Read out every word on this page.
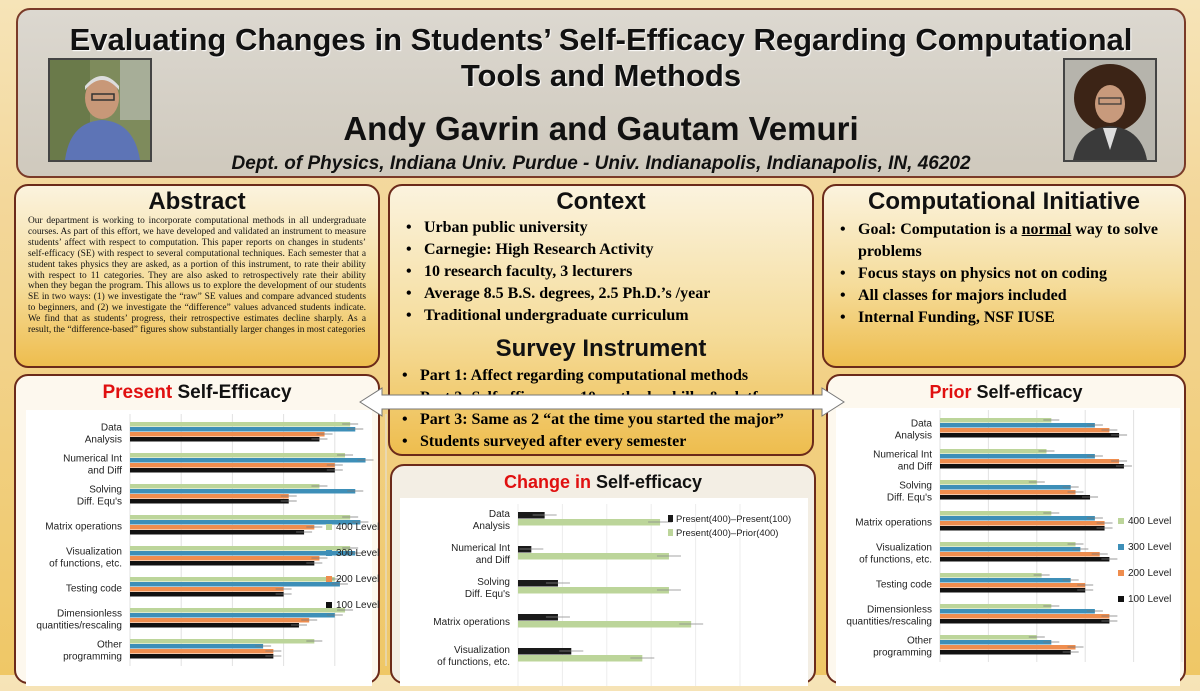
Evaluating Changes in Students’ Self-Efficacy Regarding Computational
Tools and Methods
Andy Gavrin and Gautam Vemuri
Dept. of Physics, Indiana Univ. Purdue - Univ. Indianapolis, Indianapolis, IN, 46202
Abstract
Our department is working to incorporate computational methods in all undergraduate courses. As part of this effort, we have developed and validated an instrument to measure students’ affect with respect to computation. This paper reports on changes in students’ self-efficacy (SE) with respect to several computational techniques. Each semester that a student takes physics they are asked, as a portion of this instrument, to rate their ability with respect to 11 categories. They are also asked to retrospectively rate their ability when they began the program. This allows us to explore the development of our students SE in two ways: (1) we investigate the “raw” SE values and compare advanced students to beginners, and (2) we investigate the “difference” values advanced students indicate. We find that as students’ progress, their retrospective estimates decline sharply. As a result, the “difference-based” figures show substantially larger changes in most categories
Context
• Urban public university
• Carnegie: High Research Activity
• 10 research faculty, 3 lecturers
• Average 8.5 B.S. degrees, 2.5 Ph.D.’s /year
• Traditional undergraduate curriculum
Survey Instrument
• Part 1: Affect regarding computational methods
•
• Part 3: Same as 2 “at the time you started the major”
• Students surveyed after every semester
Computational Initiative
• Goal: Computation is a normal way to solve problems
• Focus stays on physics not on coding
• All classes for majors included
• Internal Funding, NSF IUSE
Present Self-Efficacy
Data
Analysis
Numerical Int
and Diff
Solving
Diff. Equ's
Matrix operations
Visualization
of functions, etc.
Testing code
Dimensionless
quantities/rescaling
Other
programming
400 Level
300 Level
200 Level
100 Level
Change in Self-efficacy
Data
Analysis
Numerical Int
and Diff
Solving
Diff. Equ's
Matrix operations
Visualization
of functions, etc.
Present(400)–Present(100)
Present(400)–Prior(400)
Prior Self-efficacy
Data
Analysis
Numerical Int
and Diff
Solving
Diff. Equ's
Matrix operations
Visualization
of functions, etc.
Testing code
Dimensionless
quantities/rescaling
Other
programming
400 Level
300 Level
200 Level
100 Level
